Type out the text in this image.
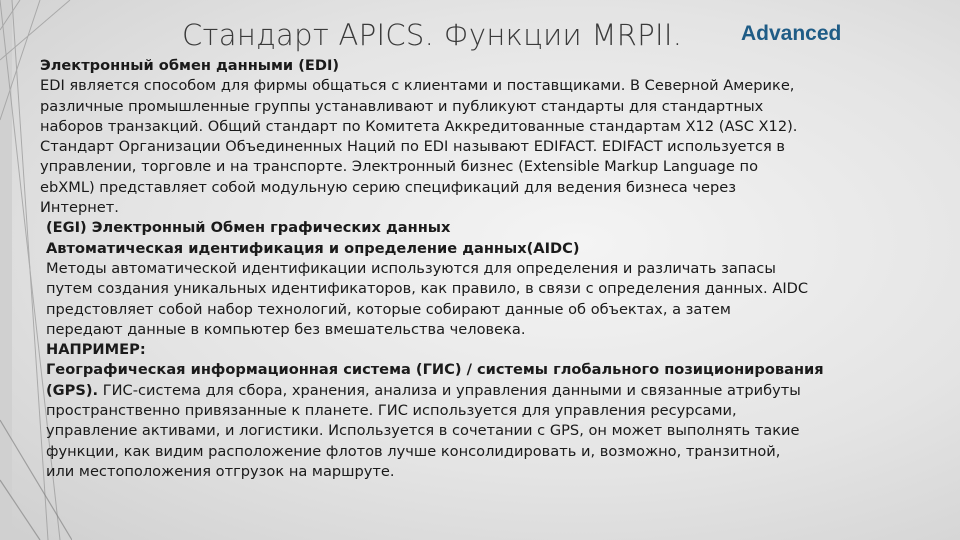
Стандарт APICS. Функции MRPII.	Advanced
Электронный обмен данными (EDI)
EDI является способом для фирмы общаться с клиентами и поставщиками. В Северной Америке,
различные промышленные группы устанавливают и публикуют стандарты для стандартных
наборов транзакций. Общий стандарт по Комитета Аккредитованные стандартам X12 (ASC X12).
Стандарт Организации Объединенных Наций по EDI называют EDIFACT. EDIFACT используется в
управлении, торговле и на транспорте. Электронный бизнес (Extensible Markup Language по
ebXML) представляет собой модульную серию спецификаций для ведения бизнеса через
Интернет.
(EGI) Электронный Обмен графических данных
Автоматическая идентификация и определение данных(AIDC)
Методы автоматической идентификации используются для определения и различать запасы
путем создания уникальных идентификаторов, как правило, в связи с определения данных. AIDC
предстовляет собой набор технологий, которые собирают данные об объектах, а затем
передают данные в компьютер без вмешательства человека.
НАПРИМЕР:
Географическая информационная система (ГИС) / системы глобального позиционирования
(GPS). ГИС-система для сбора, хранения, анализа и управления данными и связанные атрибуты
пространственно привязанные к планете. ГИС используется для управления ресурсами,
управление активами, и логистики. Используется в сочетании с GPS, он может выполнять такие
функции, как видим расположение флотов лучше консолидировать и, возможно, транзитной,
или местоположения отгрузок на маршруте.
